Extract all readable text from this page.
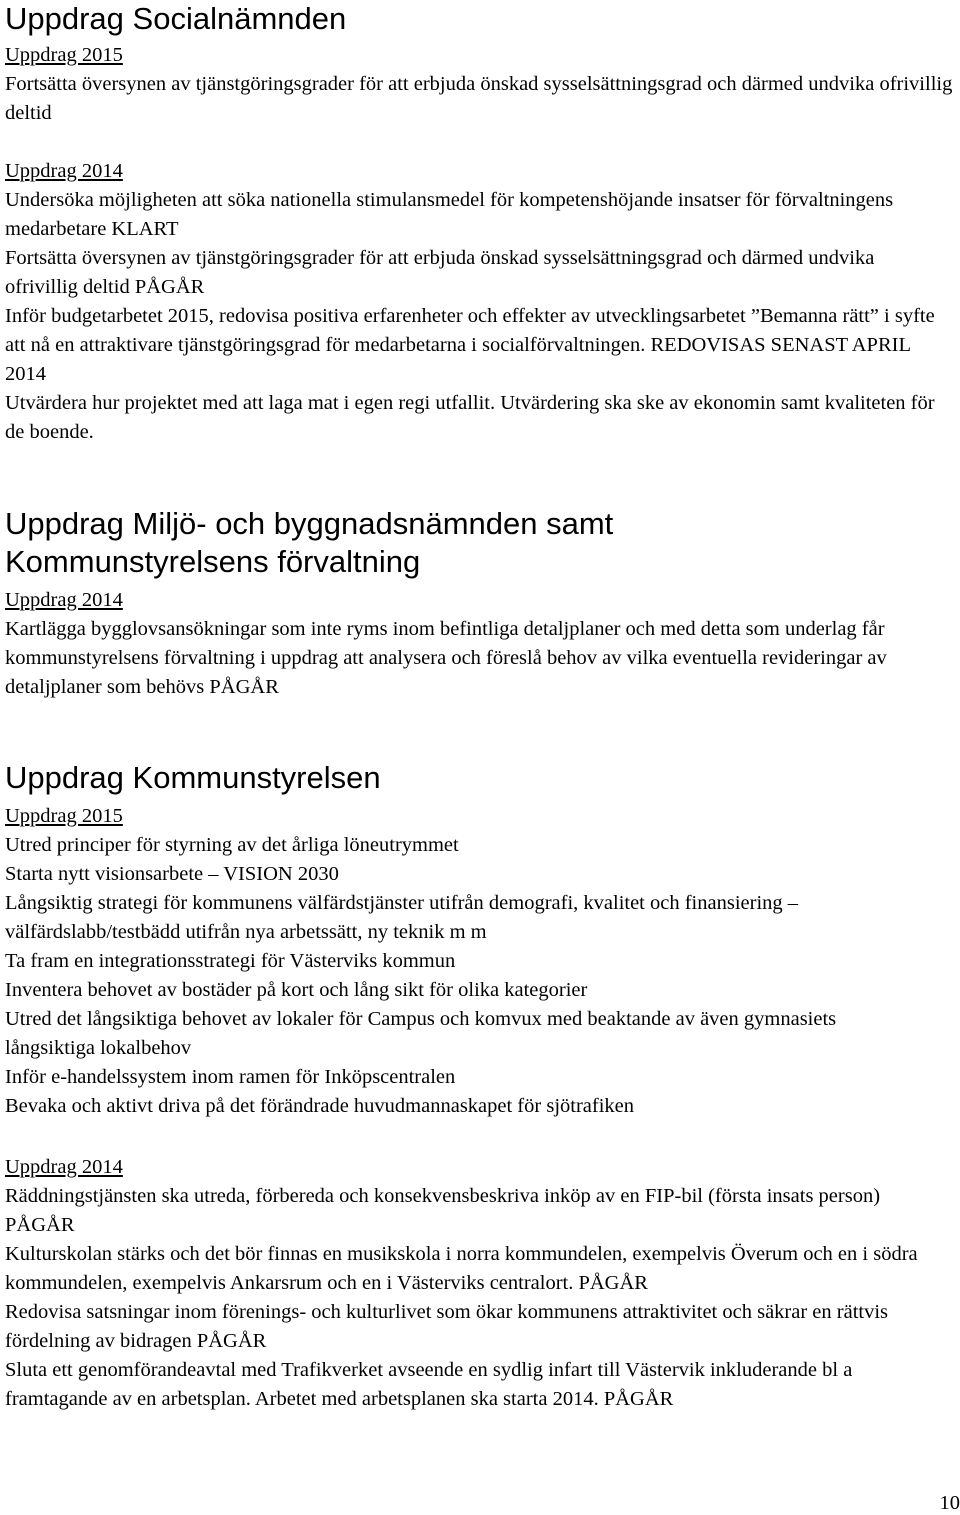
Uppdrag Socialnämnden
Uppdrag 2015

Fortsätta översynen av tjänstgöringsgrader för att erbjuda önskad sysselsättningsgrad och därmed undvika ofrivillig deltid

Uppdrag 2014

Undersöka möjligheten att söka nationella stimulansmedel för kompetenshöjande insatser för förvaltningens medarbetare KLART

Fortsätta översynen av tjänstgöringsgrader för att erbjuda önskad sysselsättningsgrad och därmed undvika ofrivillig deltid PÅGÅR

Inför budgetarbetet 2015, redovisa positiva erfarenheter och effekter av utvecklingsarbetet ”Bemanna rätt” i syfte att nå en attraktivare tjänstgöringsgrad för medarbetarna i socialförvaltningen. REDOVISAS SENAST APRIL 2014

Utvärdera hur projektet med att laga mat i egen regi utfallit. Utvärdering ska ske av ekonomin samt kvaliteten för de boende.

Uppdrag Miljö- och byggnadsnämnden samt
Kommunstyrelsens förvaltning
Uppdrag 2014

Kartlägga bygglovsansökningar som inte ryms inom befintliga detaljplaner och med detta som underlag får kommunstyrelsens förvaltning i uppdrag att analysera och föreslå behov av vilka eventuella revideringar av detaljplaner som behövs PÅGÅR

Uppdrag Kommunstyrelsen
Uppdrag 2015

Utred principer för styrning av det årliga löneutrymmet

Starta nytt visionsarbete – VISION 2030

Långsiktig strategi för kommunens välfärdstjänster utifrån demografi, kvalitet och finansiering – välfärdslabb/testbädd utifrån nya arbetssätt, ny teknik m m

Ta fram en integrationsstrategi för Västerviks kommun

Inventera behovet av bostäder på kort och lång sikt för olika kategorier

Utred det långsiktiga behovet av lokaler för Campus och komvux med beaktande av även gymnasiets långsiktiga lokalbehov

Inför e-handelssystem inom ramen för Inköpscentralen

Bevaka och aktivt driva på det förändrade huvudmannaskapet för sjötrafiken

Uppdrag 2014

Räddningstjänsten ska utreda, förbereda och konsekvensbeskriva inköp av en FIP-bil (första insats person) PÅGÅR

Kulturskolan stärks och det bör finnas en musikskola i norra kommundelen, exempelvis Överum och en i södra kommundelen, exempelvis Ankarsrum och en i Västerviks centralort. PÅGÅR

Redovisa satsningar inom förenings- och kulturlivet som ökar kommunens attraktivitet och säkrar en rättvis fördelning av bidragen PÅGÅR

Sluta ett genomförandeavtal med Trafikverket avseende en sydlig infart till Västervik inkluderande bl a framtagande av en arbetsplan. Arbetet med arbetsplanen ska starta 2014. PÅGÅR

10
